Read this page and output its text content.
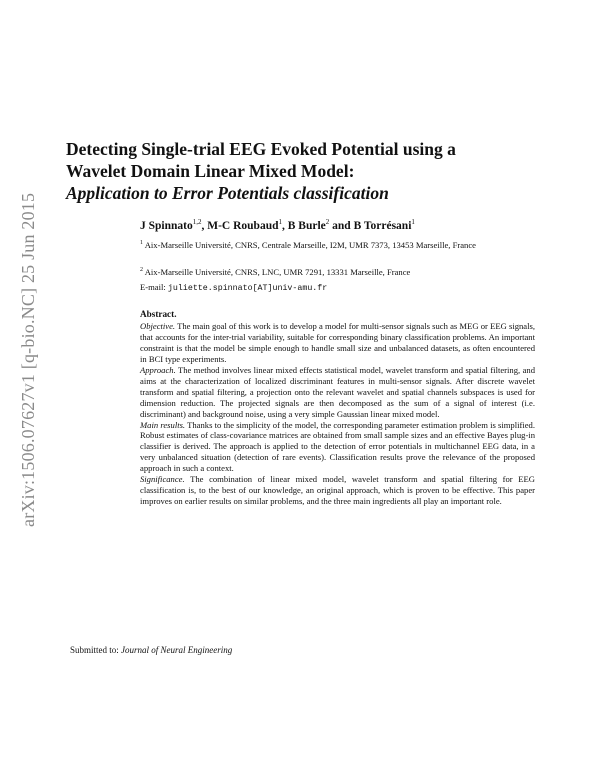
arXiv:1506.07627v1 [q-bio.NC] 25 Jun 2015
Detecting Single-trial EEG Evoked Potential using a
Wavelet Domain Linear Mixed Model:
Application to Error Potentials classification
J Spinnato$^{1,2}$, M-C Roubaud$^1$, B Burle$^2$ and B Torrésani$^1$
$^1$ Aix-Marseille Université, CNRS, Centrale Marseille, I2M, UMR 7373, 13453 Marseille, France
$^2$ Aix-Marseille Université, CNRS, LNC, UMR 7291, 13331 Marseille, France
E-mail: juliette.spinnato[AT]univ-amu.fr
Abstract.

Objective. The main goal of this work is to develop a model for multi-sensor signals such as MEG or EEG signals, that accounts for the inter-trial variability, suitable for corresponding binary classification problems. An important constraint is that the model be simple enough to handle small size and unbalanced datasets, as often encountered in BCI type experiments.

Approach. The method involves linear mixed effects statistical model, wavelet transform and spatial filtering, and aims at the characterization of localized discriminant features in multi-sensor signals. After discrete wavelet transform and spatial filtering, a projection onto the relevant wavelet and spatial channels subspaces is used for dimension reduction. The projected signals are then decomposed as the sum of a signal of interest (i.e. discriminant) and background noise, using a very simple Gaussian linear mixed model.

Main results. Thanks to the simplicity of the model, the corresponding parameter estimation problem is simplified. Robust estimates of class-covariance matrices are obtained from small sample sizes and an effective Bayes plug-in classifier is derived. The approach is applied to the detection of error potentials in multichannel EEG data, in a very unbalanced situation (detection of rare events). Classification results prove the relevance of the proposed approach in such a context.

Significance. The combination of linear mixed model, wavelet transform and spatial filtering for EEG classification is, to the best of our knowledge, an original approach, which is proven to be effective. This paper improves on earlier results on similar problems, and the three main ingredients all play an important role.

Submitted to: Journal of Neural Engineering
